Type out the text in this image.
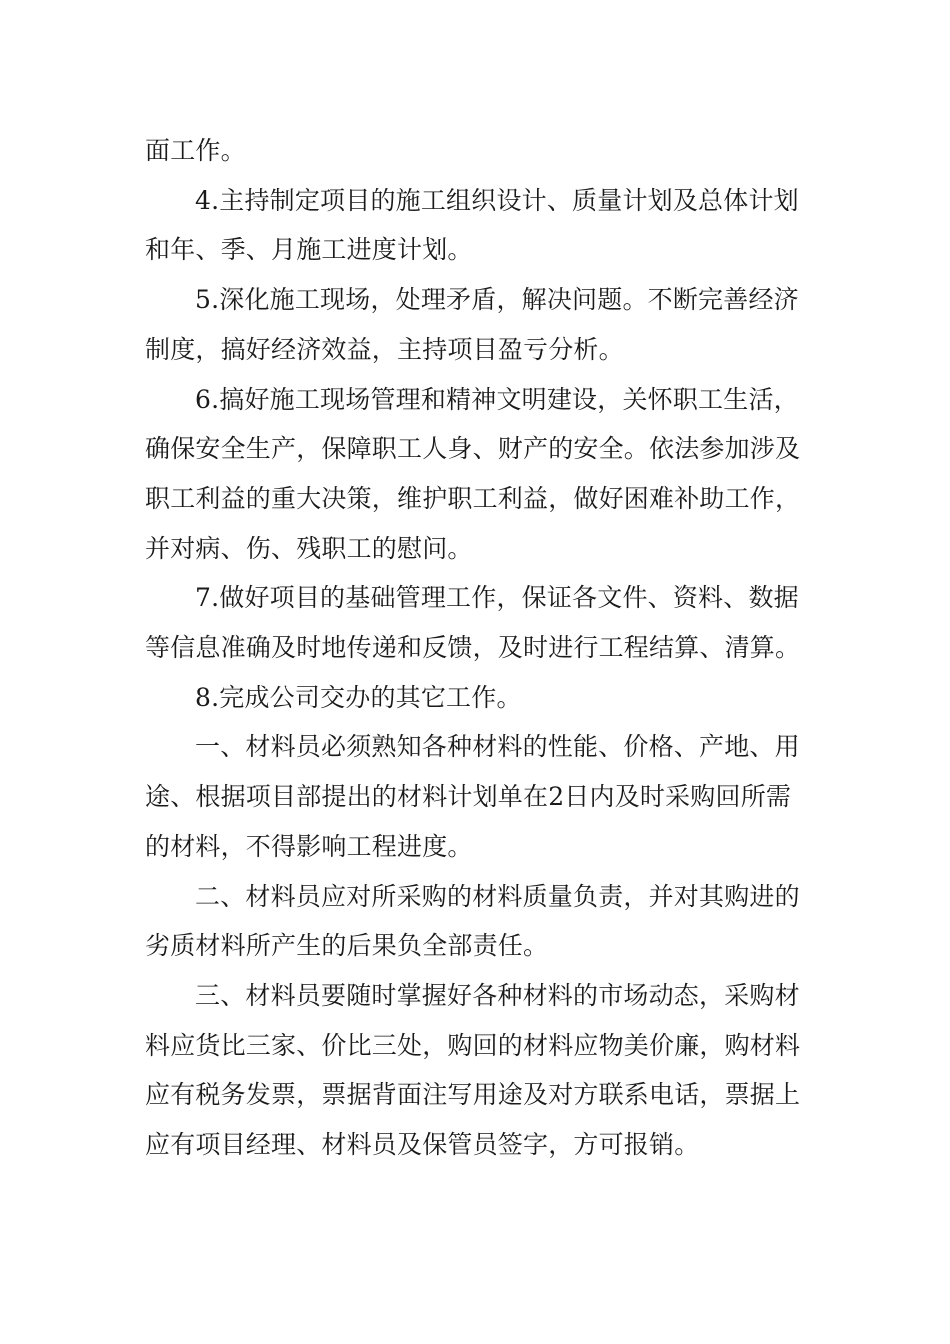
面工作。

4.主持制定项目的施工组织设计、质量计划及总体计划和年、季、月施工进度计划。

5.深化施工现场，处理矛盾，解决问题。不断完善经济制度，搞好经济效益，主持项目盈亏分析。

6.搞好施工现场管理和精神文明建设，关怀职工生活，确保安全生产，保障职工人身、财产的安全。依法参加涉及职工利益的重大决策，维护职工利益，做好困难补助工作，并对病、伤、残职工的慰问。

7.做好项目的基础管理工作，保证各文件、资料、数据等信息准确及时地传递和反馈，及时进行工程结算、清算。

8.完成公司交办的其它工作。

一、材料员必须熟知各种材料的性能、价格、产地、用途、根据项目部提出的材料计划单在2日内及时采购回所需的材料，不得影响工程进度。

二、材料员应对所采购的材料质量负责，并对其购进的劣质材料所产生的后果负全部责任。

三、材料员要随时掌握好各种材料的市场动态，采购材料应货比三家、价比三处，购回的材料应物美价廉，购材料应有税务发票，票据背面注写用途及对方联系电话，票据上应有项目经理、材料员及保管员签字，方可报销。
